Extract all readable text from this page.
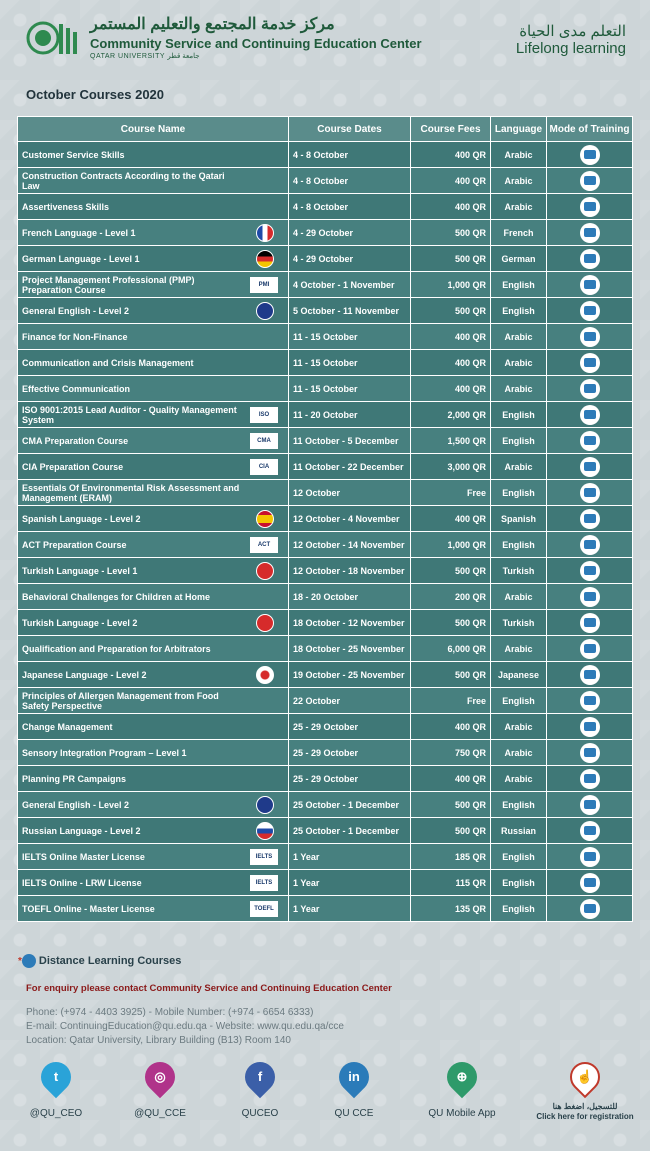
مركز خدمة المجتمع والتعليم المستمر
Community Service and Continuing Education Center
QATAR UNIVERSITY جامعة قطر
التعلم مدى الحياة
Lifelong learning
October Courses 2020
Course Name	Course Dates	Course Fees	Language	Mode of Training
Customer Service Skills	4 - 8 October	400 QR	Arabic	
Construction Contracts According to the Qatari Law	4 - 8 October	400 QR	Arabic	
Assertiveness Skills	4 - 8 October	400 QR	Arabic	
French Language - Level 1	4 - 29 October	500 QR	French	
German Language - Level 1	4 - 29 October	500 QR	German	
Project Management Professional (PMP) Preparation Course PMI	4 October - 1 November	1,000 QR	English	
General English - Level 2	5 October - 11 November	500 QR	English	
Finance for Non-Finance	11 - 15 October	400 QR	Arabic	
Communication and Crisis Management	11 - 15 October	400 QR	Arabic	
Effective Communication	11 - 15 October	400 QR	Arabic	
ISO 9001:2015 Lead Auditor - Quality Management System ISO	11 - 20 October	2,000 QR	English	
CMA Preparation Course CMA	11 October - 5 December	1,500 QR	English	
CIA Preparation Course CIA	11 October - 22 December	3,000 QR	Arabic	
Essentials Of Environmental Risk Assessment and Management (ERAM)	12 October	Free	English	
Spanish Language - Level 2	12 October - 4 November	400 QR	Spanish	
ACT Preparation Course ACT	12 October - 14 November	1,000 QR	English	
Turkish Language - Level 1	12 October - 18 November	500 QR	Turkish	
Behavioral Challenges for Children at Home	18 - 20 October	200 QR	Arabic	
Turkish Language - Level 2	18 October - 12 November	500 QR	Turkish	
Qualification and Preparation for Arbitrators	18 October - 25 November	6,000 QR	Arabic	
Japanese Language - Level 2	19 October - 25 November	500 QR	Japanese	
Principles of Allergen Management from Food Safety Perspective	22 October	Free	English	
Change Management	25 - 29 October	400 QR	Arabic	
Sensory Integration Program – Level 1	25 - 29 October	750 QR	Arabic	
Planning PR Campaigns	25 - 29 October	400 QR	Arabic	
General English - Level 2	25 October - 1 December	500 QR	English	
Russian Language - Level 2	25 October - 1 December	500 QR	Russian	
IELTS Online Master License IELTS	1 Year	185 QR	English	
IELTS Online - LRW License IELTS	1 Year	115 QR	English	
TOEFL Online - Master License TOEFL	1 Year	135 QR	English	
* Distance Learning Courses
For enquiry please contact Community Service and Continuing Education Center
Phone: (+974 - 4403 3925) - Mobile Number: (+974 - 6654 6333)
E-mail: ContinuingEducation@qu.edu.qa - Website: www.qu.edu.qa/cce
Location: Qatar University, Library Building (B13) Room 140
t
@QU_CEO
◎
@QU_CCE
f
QUCEO
in
QU CCE
⊕
QU Mobile App
☝
للتسجيل، اضغط هنا
Click here for registration
